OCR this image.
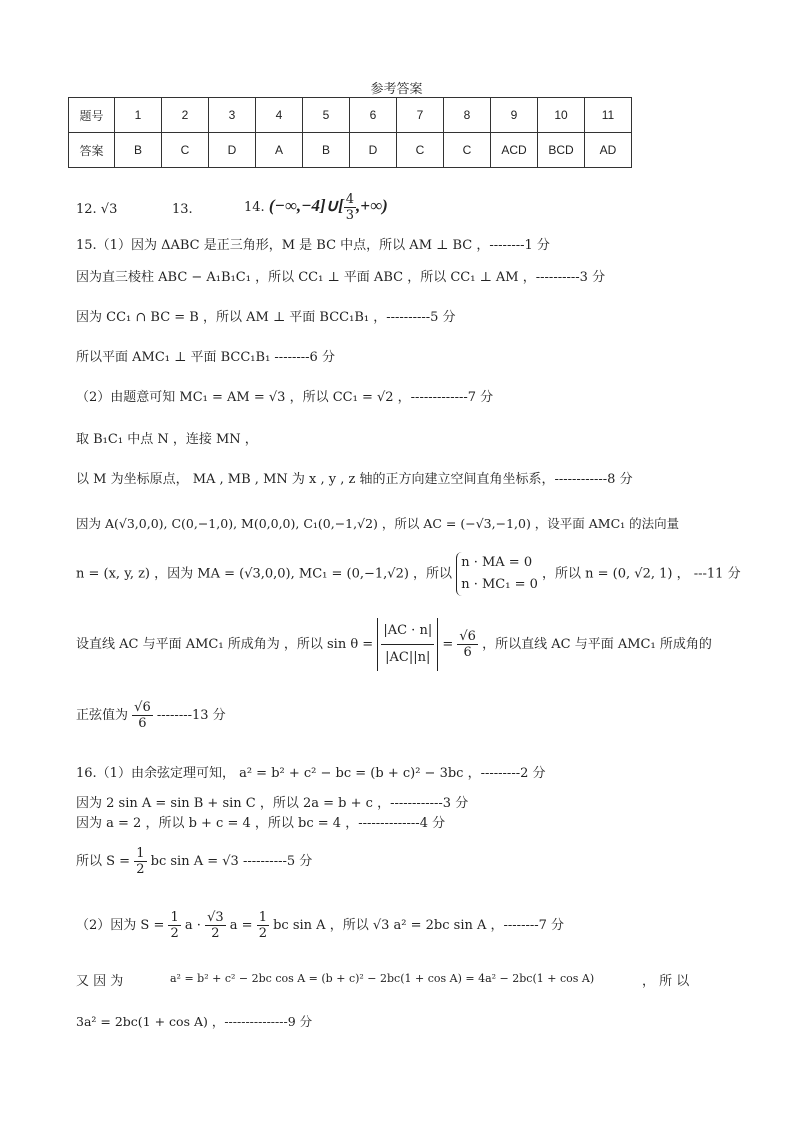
参考答案
题号	1	2	3	4	5	6	7	8	9	10	11
答案	B	C	D	A	B	D	C	C	ACD	BCD	AD
12. √3	13.	14. (−∞,−4]∪[ $\frac{4}{3}$ ,+∞)
15.（1）因为 ΔABC 是正三角形，M 是 BC 中点，所以 AM ⊥ BC ，--------1 分
因为直三棱柱 ABC − A₁B₁C₁ ，所以 CC₁ ⊥ 平面 ABC ，所以 CC₁ ⊥ AM ，----------3 分
因为 CC₁ ∩ BC = B ，所以 AM ⊥ 平面 BCC₁B₁ ，----------5 分
所以平面 AMC₁ ⊥ 平面 BCC₁B₁ --------6 分
（2）由题意可知 MC₁ = AM = √3 ，所以 CC₁ = √2 ，-------------7 分
取 B₁C₁ 中点 N ，连接 MN ，
以 M 为坐标原点， MA , MB , MN 为 x , y , z 轴的正方向建立空间直角坐标系，------------8 分
因为 A(√3,0,0), C(0,−1,0), M(0,0,0), C₁(0,−1,√2) ，所以 AC = (−√3,−1,0) ，设平面 AMC₁ 的法向量
n = (x, y, z) ，因为 MA = (√3,0,0), MC₁ = (0,−1,√2) ，所以
n · MA = 0
n · MC₁ = 0
，所以 n = (0, √2, 1) ， ---11 分
设直线 AC 与平面 AMC₁ 所成角为 ，所以 $\sin \theta = \frac{|AC \cdot n|}{|AC||n|} = \frac{√6}{6}$ ，所以直线 AC 与平面 AMC₁ 所成角的
正弦值为 $\frac{√6}{6} --------13$ 分
16.（1）由余弦定理可知， a² = b² + c² − bc = (b + c)² − 3bc ，---------2 分
因为 2 sin A = sin B + sin C ，所以 2a = b + c ，------------3 分
因为 a = 2 ，所以 b + c = 4 ，所以 bc = 4 ，--------------4 分
所以 $S = \frac{1}{2}$ bc sin A = √3 ----------5 分
（2）因为 $S = \frac{1}{2}$ $a \cdot \frac{√3}{2}$ $a = \frac{1}{2}$ bc sin A ，所以 √3 a² = 2bc sin A ，--------7 分
又 因 为	a² = b² + c² − 2bc cos A = (b + c)² − 2bc(1 + cos A) = 4a² − 2bc(1 + cos A)	， 所 以
3a² = 2bc(1 + cos A) ，---------------9 分
